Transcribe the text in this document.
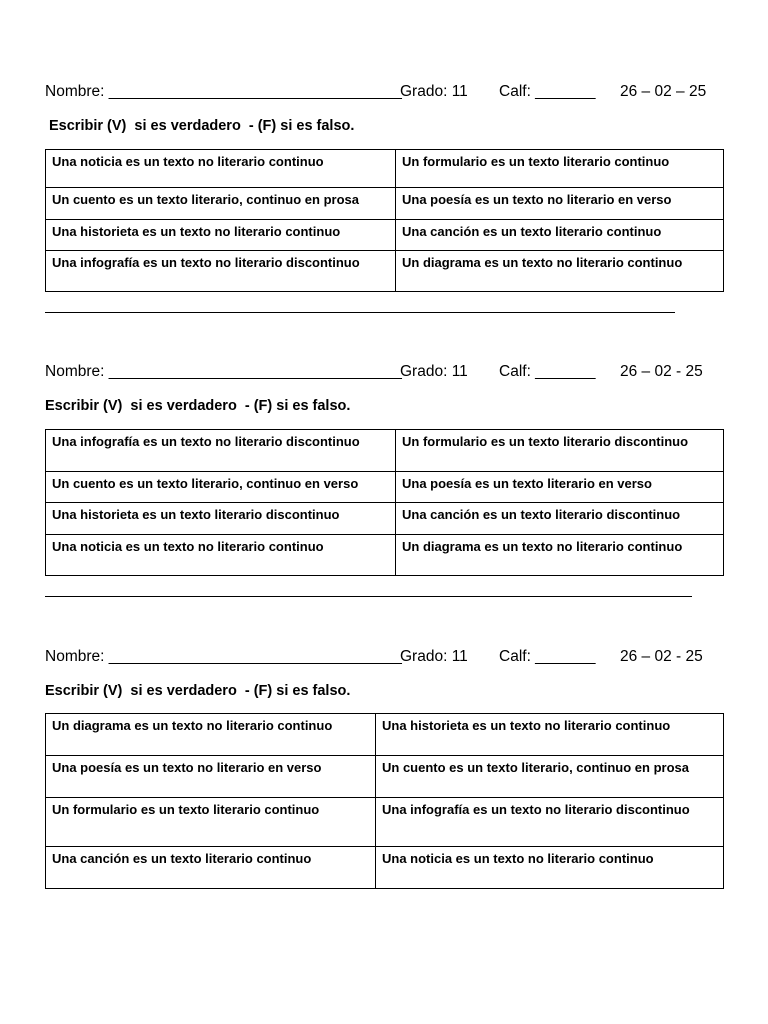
Nombre: __________________________________

Grado: 11

Calf: _______

26 – 02 – 25

Escribir (V)  si es verdadero  - (F) si es falso.
Una noticia es un texto no literario continuo	Un formulario es un texto literario continuo
Un cuento es un texto literario, continuo en prosa	Una poesía es un texto no literario en verso
Una historieta es un texto no literario continuo	Una canción es un texto literario continuo
Una infografía es un texto no literario discontinuo	Un diagrama es un texto no literario continuo

Nombre: __________________________________

Grado: 11

Calf: _______

26 – 02 - 25

Escribir (V)  si es verdadero  - (F) si es falso.
Una infografía es un texto no literario discontinuo	Un formulario es un texto literario discontinuo
Un cuento es un texto literario, continuo en verso	Una poesía es un texto literario en verso
Una historieta es un texto literario discontinuo	Una canción es un texto literario discontinuo
Una noticia es un texto no literario continuo	Un diagrama es un texto no literario continuo

Nombre: __________________________________

Grado: 11

Calf: _______

26 – 02 - 25

Escribir (V)  si es verdadero  - (F) si es falso.
Un diagrama es un texto no literario continuo	Una historieta es un texto no literario continuo
Una poesía es un texto no literario en verso	Un cuento es un texto literario, continuo en prosa
Un formulario es un texto literario continuo	Una infografía es un texto no literario discontinuo
Una canción es un texto literario continuo	Una noticia es un texto no literario continuo
